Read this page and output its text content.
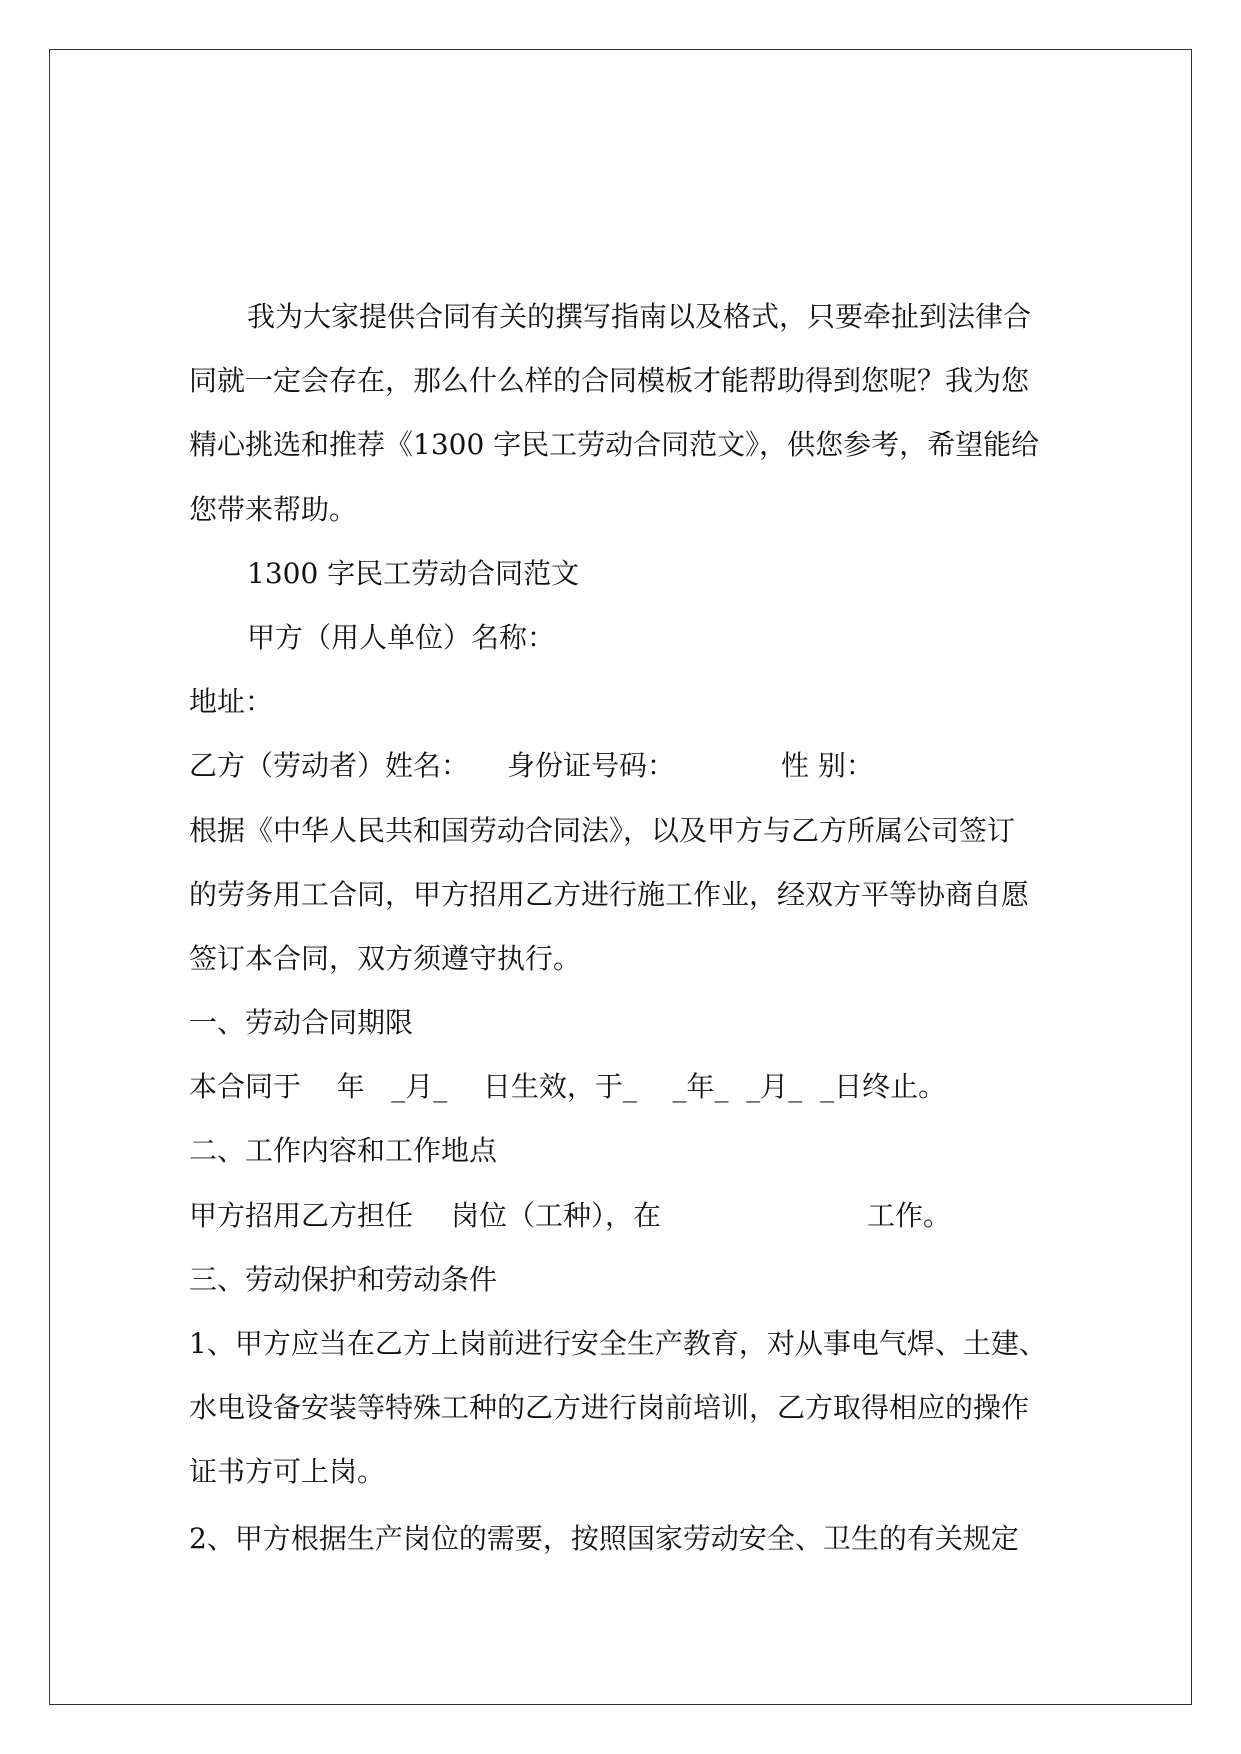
我为大家提供合同有关的撰写指南以及格式，只要牵扯到法律合
同就一定会存在，那么什么样的合同模板才能帮助得到您呢？我为您
精心挑选和推荐《1300 字民工劳动合同范文》，供您参考，希望能给
您带来帮助。
1300 字民工劳动合同范文
甲方（用人单位）名称：
地址：
乙方（劳动者）姓名： 身份证号码：	性 别：
根据《中华人民共和国劳动合同法》，以及甲方与乙方所属公司签订
的劳务用工合同，甲方招用乙方进行施工作业，经双方平等协商自愿
签订本合同，双方须遵守执行。
一、劳动合同期限
本合同于    年   _月_    日生效，于_    _年_  _月_  _日终止。
二、工作内容和工作地点
甲方招用乙方担任 岗位（工种），在	工作。
三、劳动保护和劳动条件
1、甲方应当在乙方上岗前进行安全生产教育，对从事电气焊、土建、
水电设备安装等特殊工种的乙方进行岗前培训，乙方取得相应的操作
证书方可上岗。
2、甲方根据生产岗位的需要，按照国家劳动安全、卫生的有关规定
